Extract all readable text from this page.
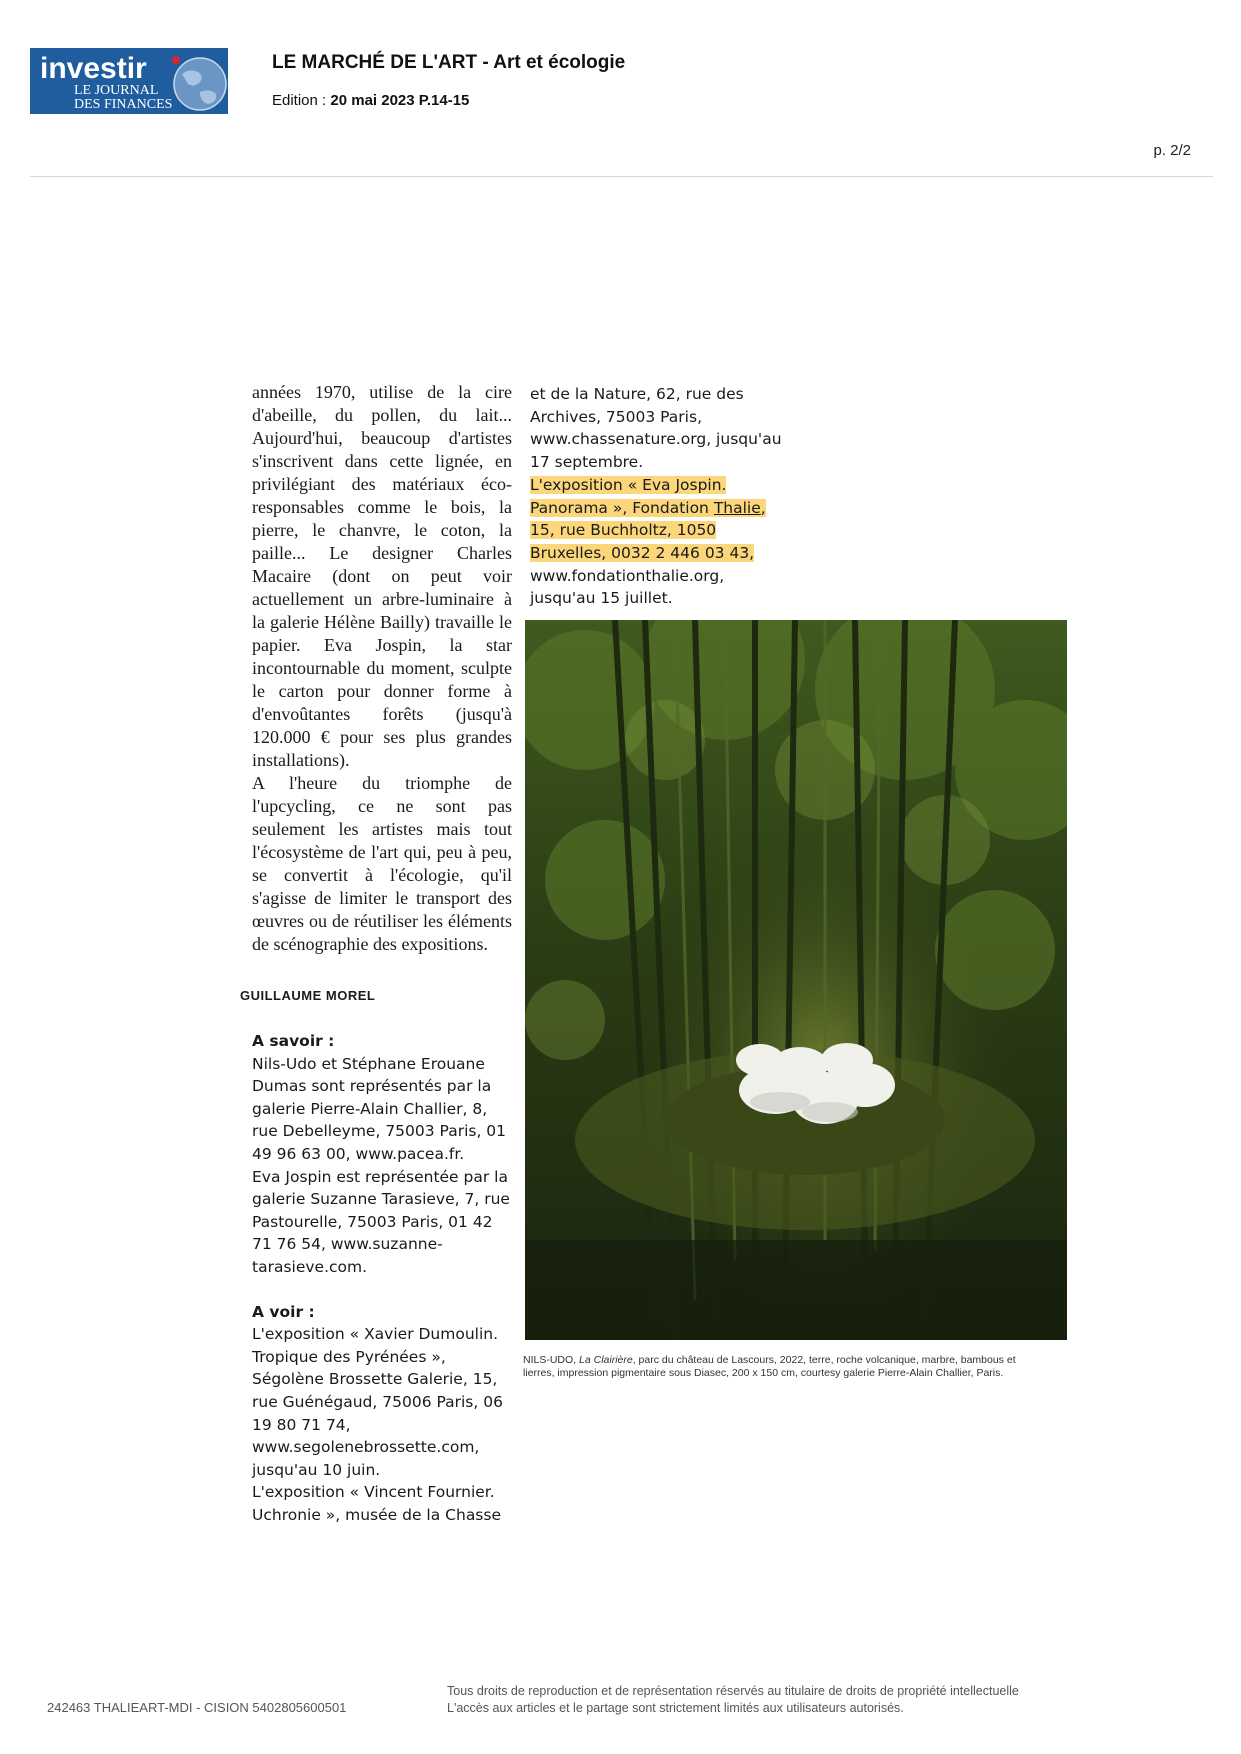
investir
LE JOURNAL
DES FINANCES
LE MARCHÉ DE L'ART - Art et écologie
Edition : 20 mai 2023 P.14-15
p. 2/2

années 1970, utilise de la cire d'abeille, du pollen, du lait... Aujourd'hui, beaucoup d'artistes s'inscrivent dans cette lignée, en privilégiant des matériaux éco-responsables comme le bois, la pierre, le chanvre, le coton, la paille... Le designer Charles Macaire (dont on peut voir actuellement un arbre-luminaire à la galerie Hélène Bailly) travaille le papier. Eva Jospin, la star incontournable du moment, sculpte le carton pour donner forme à d'envoûtantes forêts (jusqu'à 120.000 € pour ses plus grandes installations).

A l'heure du triomphe de l'upcycling, ce ne sont pas seulement les artistes mais tout l'écosystème de l'art qui, peu à peu, se convertit à l'écologie, qu'il s'agisse de limiter le transport des œuvres ou de réutiliser les éléments de scénographie des expositions.

GUILLAUME MOREL
A savoir :

Nils-Udo et Stéphane Erouane Dumas sont représentés par la galerie Pierre-Alain Challier, 8, rue Debelleyme, 75003 Paris, 01 49 96 63 00, www.pacea.fr.

Eva Jospin est représentée par la galerie Suzanne Tarasieve, 7, rue Pastourelle, 75003 Paris, 01 42 71 76 54, www.suzanne-tarasieve.com.

A voir :

L'exposition « Xavier Dumoulin. Tropique des Pyrénées », Ségolène Brossette Galerie, 15, rue Guénégaud, 75006 Paris, 06 19 80 71 74, www.segolenebrossette.com, jusqu'au 10 juin.

L'exposition « Vincent Fournier. Uchronie », musée de la Chasse

et de la Nature, 62, rue des Archives, 75003 Paris, www.chassenature.org, jusqu'au 17 septembre.
L'exposition « Eva Jospin. Panorama », Fondation Thalie, 15, rue Buchholtz, 1050 Bruxelles, 0032 2 446 03 43,
www.fondationthalie.org, jusqu'au 15 juillet.
NILS-UDO, La Clairière, parc du château de Lascours, 2022, terre, roche volcanique, marbre, bambous et lierres, impression pigmentaire sous Diasec, 200 x 150 cm, courtesy galerie Pierre-Alain Challier, Paris.
242463 THALIEART-MDI - CISION 5402805600501
Tous droits de reproduction et de représentation réservés au titulaire de droits de propriété intellectuelle
L'accès aux articles et le partage sont strictement limités aux utilisateurs autorisés.
